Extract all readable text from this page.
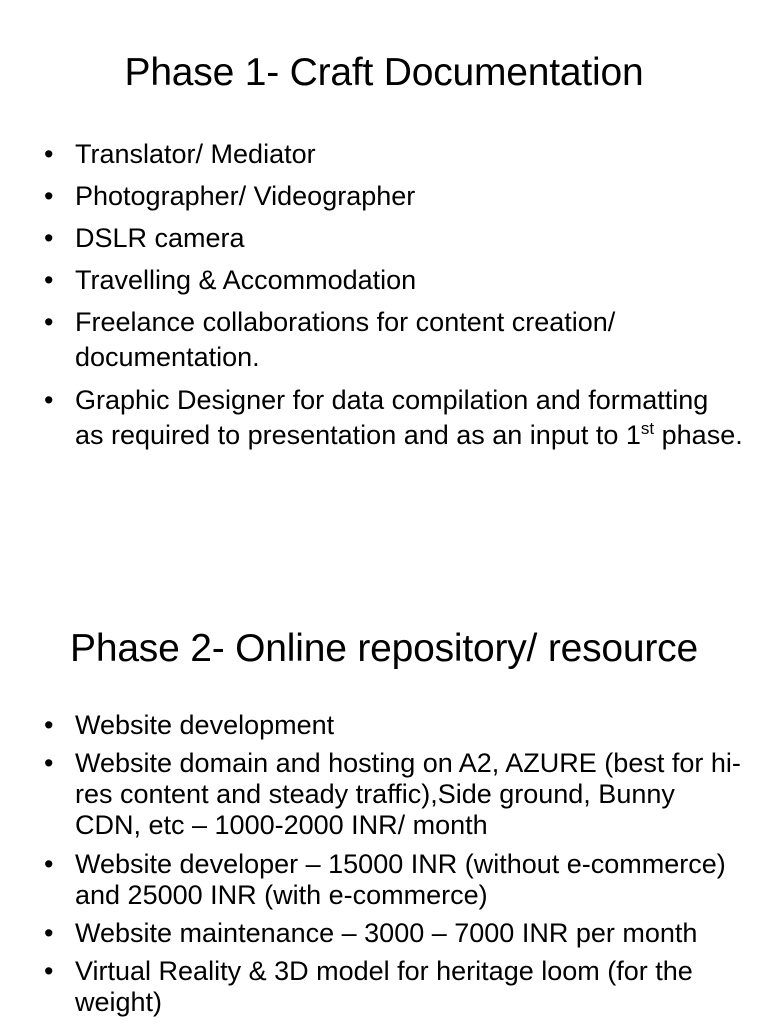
Phase 1- Craft Documentation
• Translator/ Mediator
• Photographer/ Videographer
• DSLR camera
• Travelling & Accommodation
• Freelance collaborations for content creation/ documentation.
• Graphic Designer for data compilation and formatting as required to presentation and as an input to 1st phase.
Phase 2- Online repository/ resource
• Website development
• Website domain and hosting on A2, AZURE (best for hi-res content and steady traffic),Side ground, Bunny CDN, etc – 1000-2000 INR/ month
• Website developer – 15000 INR (without e-commerce) and 25000 INR (with e-commerce)
• Website maintenance – 3000 – 7000 INR per month
• Virtual Reality & 3D model for heritage loom (for the weight)
